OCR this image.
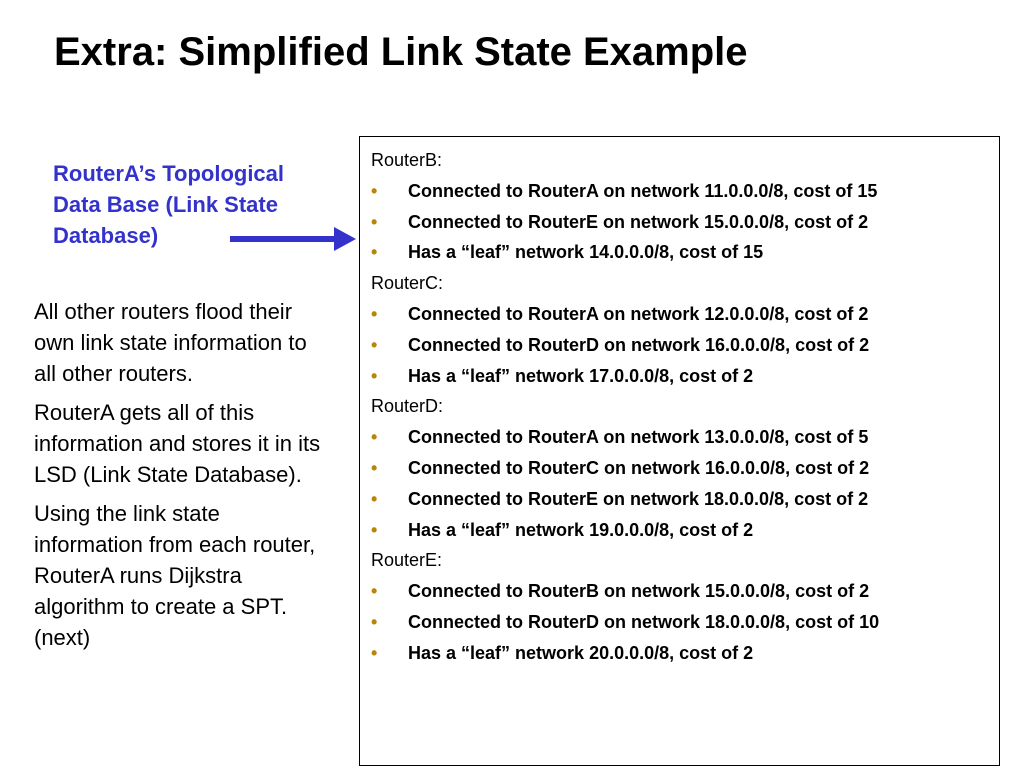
Extra: Simplified Link State Example
RouterA’s Topological Data Base (Link State Database)

All other routers flood their own link state information to all other routers.

RouterA gets all of this information and stores it in its LSD (Link State Database).

Using the link state information from each router, RouterA runs Dijkstra algorithm to create a SPT. (next)

RouterB:
• Connected to RouterA on network 11.0.0.0/8, cost of 15
• Connected to RouterE on network 15.0.0.0/8, cost of 2
• Has a “leaf” network 14.0.0.0/8, cost of 15
RouterC:
• Connected to RouterA on network 12.0.0.0/8, cost of 2
• Connected to RouterD on network 16.0.0.0/8, cost of 2
• Has a “leaf” network 17.0.0.0/8, cost of 2
RouterD:
• Connected to RouterA on network 13.0.0.0/8, cost of 5
• Connected to RouterC on network 16.0.0.0/8, cost of 2
• Connected to RouterE on network 18.0.0.0/8, cost of 2
• Has a “leaf” network 19.0.0.0/8, cost of 2
RouterE:
• Connected to RouterB on network 15.0.0.0/8, cost of 2
• Connected to RouterD on network 18.0.0.0/8, cost of 10
• Has a “leaf” network 20.0.0.0/8, cost of 2
